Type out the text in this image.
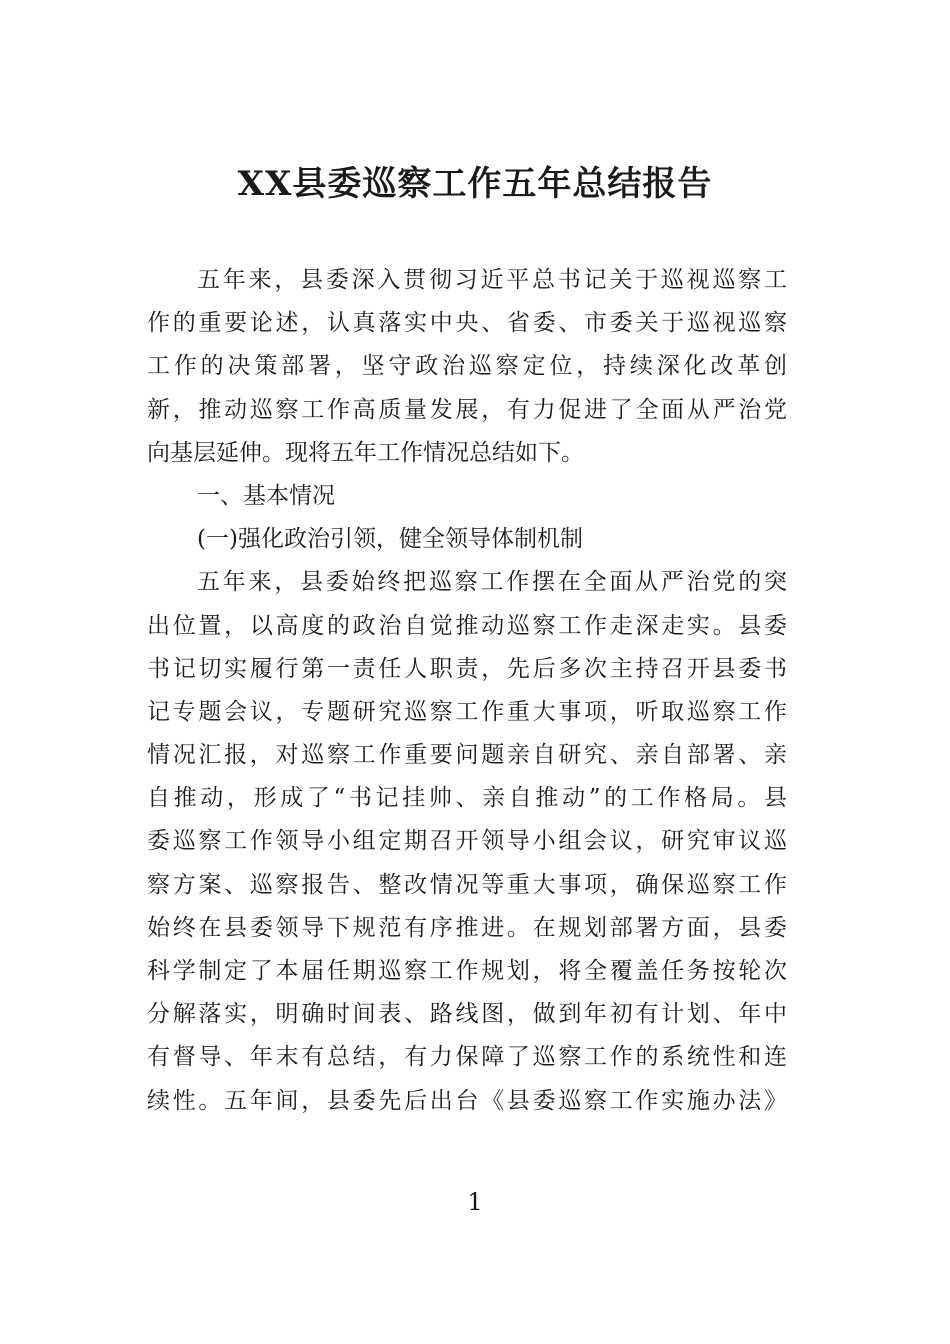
XX县委巡察工作五年总结报告
五年来，县委深入贯彻习近平总书记关于巡视巡察工
作的重要论述，认真落实中央、省委、市委关于巡视巡察
工作的决策部署，坚守政治巡察定位，持续深化改革创
新，推动巡察工作高质量发展，有力促进了全面从严治党
向基层延伸。现将五年工作情况总结如下。
一、基本情况
(一)强化政治引领，健全领导体制机制
五年来，县委始终把巡察工作摆在全面从严治党的突
出位置，以高度的政治自觉推动巡察工作走深走实。县委
书记切实履行第一责任人职责，先后多次主持召开县委书
记专题会议，专题研究巡察工作重大事项，听取巡察工作
情况汇报，对巡察工作重要问题亲自研究、亲自部署、亲
自推动，形成了“书记挂帅、亲自推动”的工作格局。县
委巡察工作领导小组定期召开领导小组会议，研究审议巡
察方案、巡察报告、整改情况等重大事项，确保巡察工作
始终在县委领导下规范有序推进。在规划部署方面，县委
科学制定了本届任期巡察工作规划，将全覆盖任务按轮次
分解落实，明确时间表、路线图，做到年初有计划、年中
有督导、年末有总结，有力保障了巡察工作的系统性和连
续性。五年间，县委先后出台《县委巡察工作实施办法》
1
